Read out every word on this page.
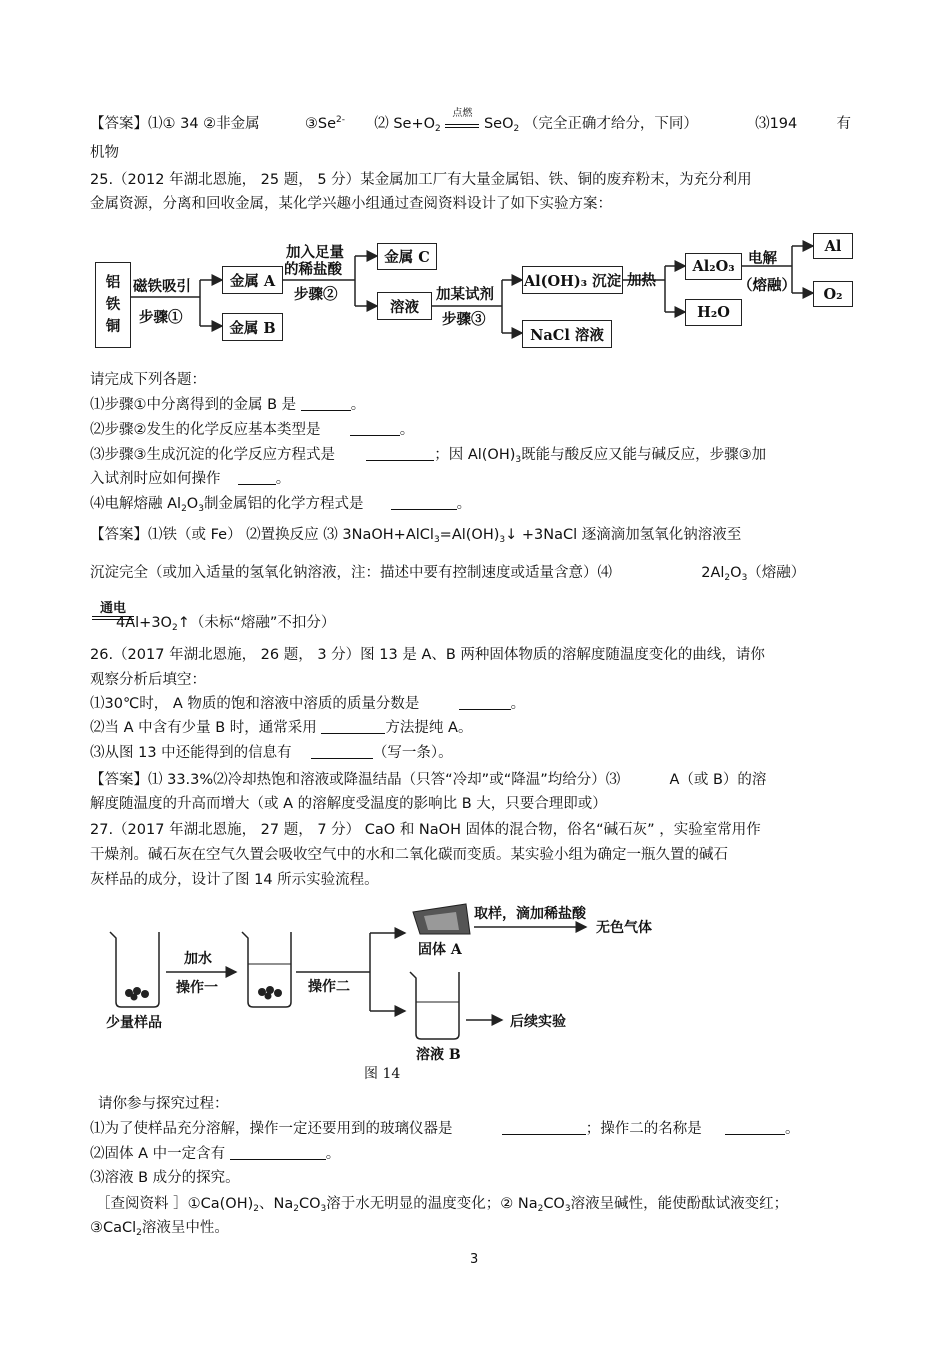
【答案】⑴① 34 ②非金属	$③Se^{2-}$ ⑵ $Se+O_2$
点燃
SeO$_2$ （完全正确才给分，下同）	⑶194	有
机物
25.（2012 年湖北恩施， 25 题， 5 分）某金属加工厂有大量金属铝、铁、铜的废弃粉末，为充分利用
金属资源，分离和回收金属，某化学兴趣小组通过查阅资料设计了如下实验方案：
铝
铁
铜
磁铁吸引
步骤①
金属 A
金属 B
加入足量
的稀盐酸
步骤②
金属 C
溶液
加某试剂
步骤③
Al(OH)₃ 沉淀
NaCl 溶液
加热
Al₂O₃
H₂O
电解
（熔融）
Al
O₂
请完成下列各题：
⑴步骤①中分离得到的金属 B 是	。
⑵步骤②发生的化学反应基本类型是	。
⑶步骤③生成沉淀的化学反应方程式是	；因 $Al(OH)_3$既能与酸反应又能与碱反应，步骤③加
入试剂时应如何操作	。
⑷电解熔融 $Al_2O_3$制金属铝的化学方程式是	。
【答案】⑴铁（或 Fe） ⑵置换反应 ⑶ $3NaOH+AlCl_3=Al(OH)_3↓$ +3NaCl 逐滴滴加氢氧化钠溶液至
沉淀完全（或加入适量的氢氧化钠溶液，注：描述中要有控制速度或适量含意）⑷	$2Al_2O_3$（熔融）
通电
$4Al+3O_2↑$（未标“熔融”不扣分）
26.（2017 年湖北恩施， 26 题， 3 分）图 13 是 A、B 两种固体物质的溶解度随温度变化的曲线，请你
观察分析后填空：
⑴30℃时， A 物质的饱和溶液中溶质的质量分数是	。
⑵当 A 中含有少量 B 时，通常采用	方法提纯 A。
⑶从图 13 中还能得到的信息有	（写一条）。
【答案】⑴ 33.3%⑵冷却热饱和溶液或降温结晶（只答“冷却”或“降温”均给分）⑶	A（或 B）的溶
解度随温度的升高而增大（或 A 的溶解度受温度的影响比 B 大，只要合理即或）
27.（2017 年湖北恩施， 27 题， 7 分） CaO 和 NaOH 固体的混合物，俗名“碱石灰” ，实验室常用作
干燥剂。碱石灰在空气久置会吸收空气中的水和二氧化碳而变质。某实验小组为确定一瓶久置的碱石
灰样品的成分，设计了图 14 所示实验流程。
加水
操作一	操作二
少量样品
取样，滴加稀盐酸
无色气体
固体 A
溶液 B
后续实验
图 14
请你参与探究过程：
⑴为了使样品充分溶解，操作一定还要用到的玻璃仪器是	；操作二的名称是	。
⑵固体 A 中一定含有	。
⑶溶液 B 成分的探究。
［查阅资料 $]①Ca(OH)_2$、$Na_2CO_3$溶于水无明显的温度变化；② $Na_2CO_3$溶液呈碱性，能使酚酞试液变红；
③CaCl$_2$溶液呈中性。
3
